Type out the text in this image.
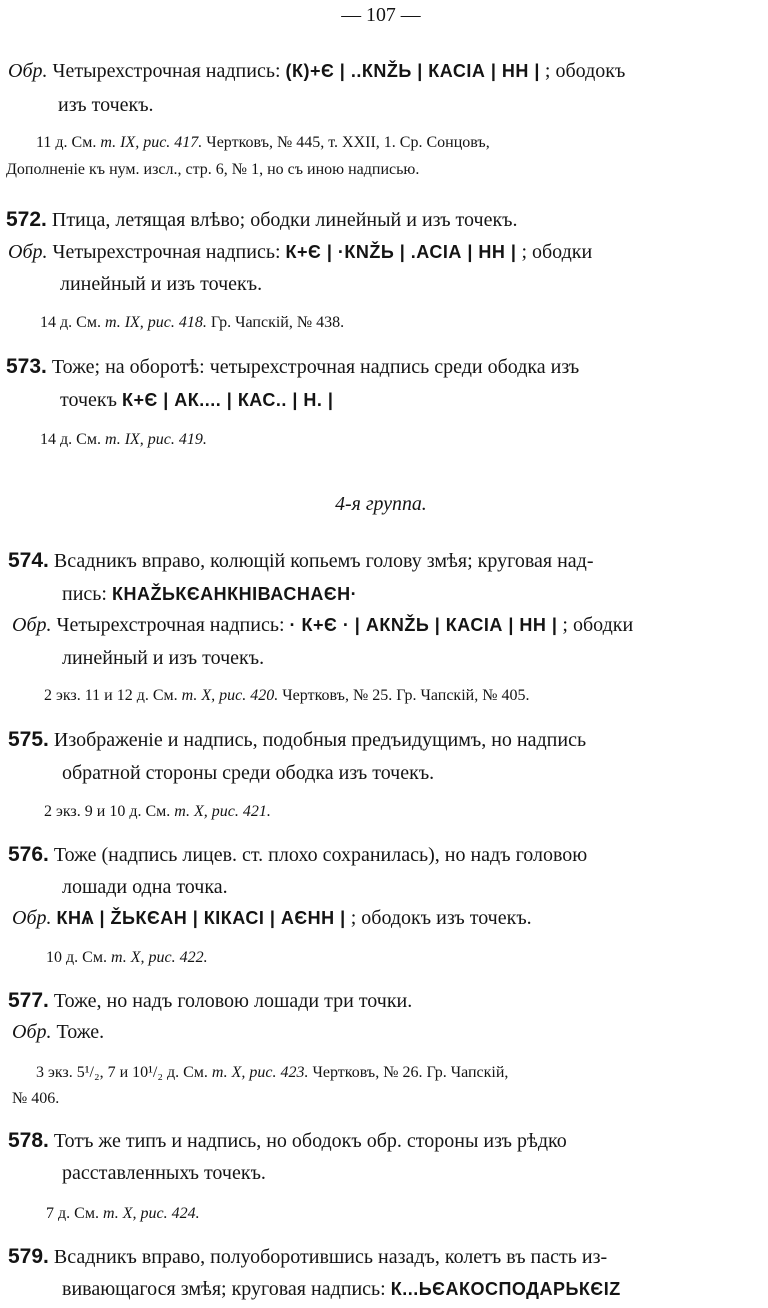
— 107 —
Обр. Четырехстрочная надпись: (К)+Є | ..КNŽЬ | КАСІА | НН | ; ободокъ
изъ точекъ.
11 д. См. т. IX, рис. 417. Чертковъ, № 445, т. XXII, 1. Ср. Сонцовъ,
Дополненіе къ нум. изсл., стр. 6, № 1, но съ иною надписью.
572. Птица, летящая влѣво; ободки линейный и изъ точекъ.
Обр. Четырехстрочная надпись: К+Є | ·КNŽЬ | .АСІА | НН | ; ободки
линейный и изъ точекъ.
14 д. См. т. IX, рис. 418. Гр. Чапскій, № 438.
573. Тоже; на оборотѣ: четырехстрочная надпись среди ободка изъ
точекъ К+Є | АК.... | КАС.. | Н. |
14 д. См. т. IX, рис. 419.
4-я группа.
574. Всадникъ вправо, колющій копьемъ голову змѣя; круговая над-
пись: КНАŽЬКЄАНКНІВАСНАЄН·
Обр. Четырехстрочная надпись: · К+Є · | АКNŽЬ | КАСІА | НН | ; ободки
линейный и изъ точекъ.
2 экз. 11 и 12 д. См. т. X, рис. 420. Чертковъ, № 25. Гр. Чапскій, № 405.
575. Изображеніе и надпись, подобныя предъидущимъ, но надпись
обратной стороны среди ободка изъ точекъ.
2 экз. 9 и 10 д. См. т. X, рис. 421.
576. Тоже (надпись лицев. ст. плохо сохранилась), но надъ головою
лошади одна точка.
Обр. КНѦ | ŽЬКЄАН | КІКАСІ | АЄНН | ; ободокъ изъ точекъ.
10 д. См. т. X, рис. 422.
577. Тоже, но надъ головою лошади три точки.
Обр. Тоже.
3 экз. 5¹/₂, 7 и 10¹/₂ д. См. т. X, рис. 423. Чертковъ, № 26. Гр. Чапскій,
№ 406.
578. Тотъ же типъ и надпись, но ободокъ обр. стороны изъ рѣдко
расставленныхъ точекъ.
7 д. См. т. X, рис. 424.
579. Всадникъ вправо, полуоборотившись назадъ, колетъ въ пасть из-
вивающагося змѣя; круговая надпись: К...ЬЄАКОСПОДАРЬКЄІZ
